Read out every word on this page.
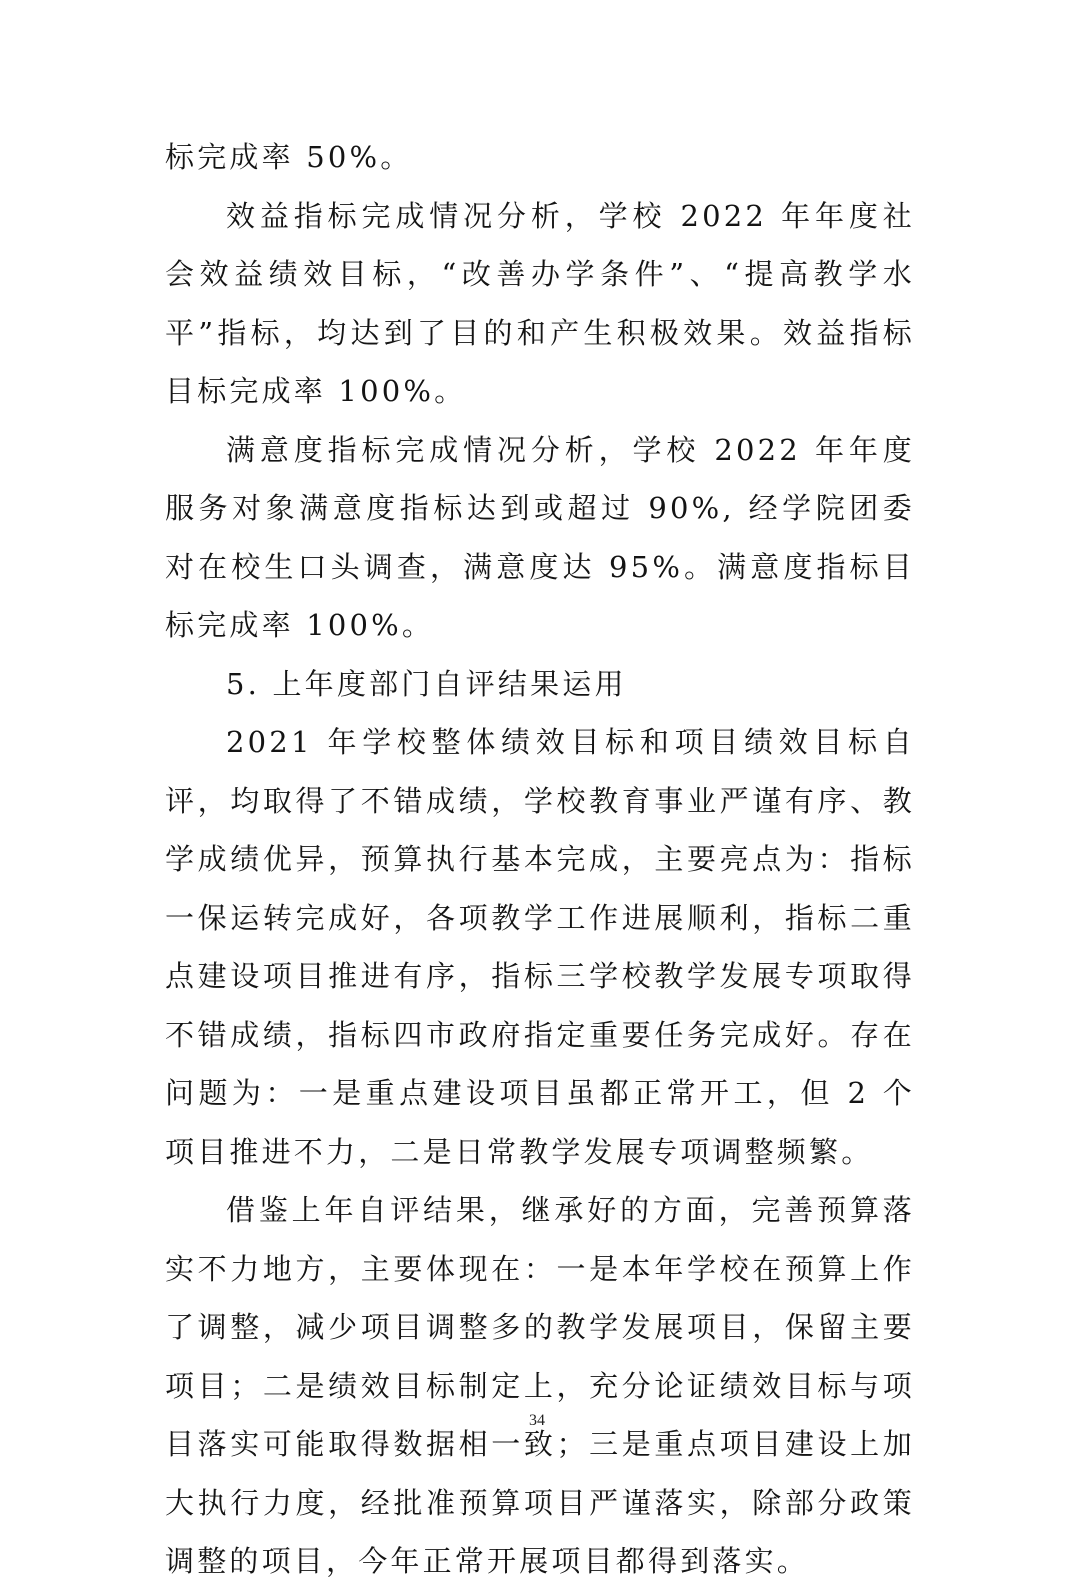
标完成率 50%。

效益指标完成情况分析，学校 2022 年年度社会效益绩效目标，“改善办学条件”、“提高教学水平”指标，均达到了目的和产生积极效果。效益指标目标完成率 100%。

满意度指标完成情况分析，学校 2022 年年度服务对象满意度指标达到或超过 90%, 经学院团委对在校生口头调查，满意度达 95%。满意度指标目标完成率 100%。

5. 上年度部门自评结果运用

2021 年学校整体绩效目标和项目绩效目标自评，均取得了不错成绩，学校教育事业严谨有序、教学成绩优异，预算执行基本完成，主要亮点为：指标一保运转完成好，各项教学工作进展顺利，指标二重点建设项目推进有序，指标三学校教学发展专项取得不错成绩，指标四市政府指定重要任务完成好。存在问题为：一是重点建设项目虽都正常开工，但 2 个项目推进不力，二是日常教学发展专项调整频繁。

借鉴上年自评结果，继承好的方面，完善预算落实不力地方，主要体现在：一是本年学校在预算上作了调整，减少项目调整多的教学发展项目，保留主要项目；二是绩效目标制定上，充分论证绩效目标与项目落实可能取得数据相一致；三是重点项目建设上加大执行力度，经批准预算项目严谨落实，除部分政策调整的项目，今年正常开展项目都得到落实。

34
